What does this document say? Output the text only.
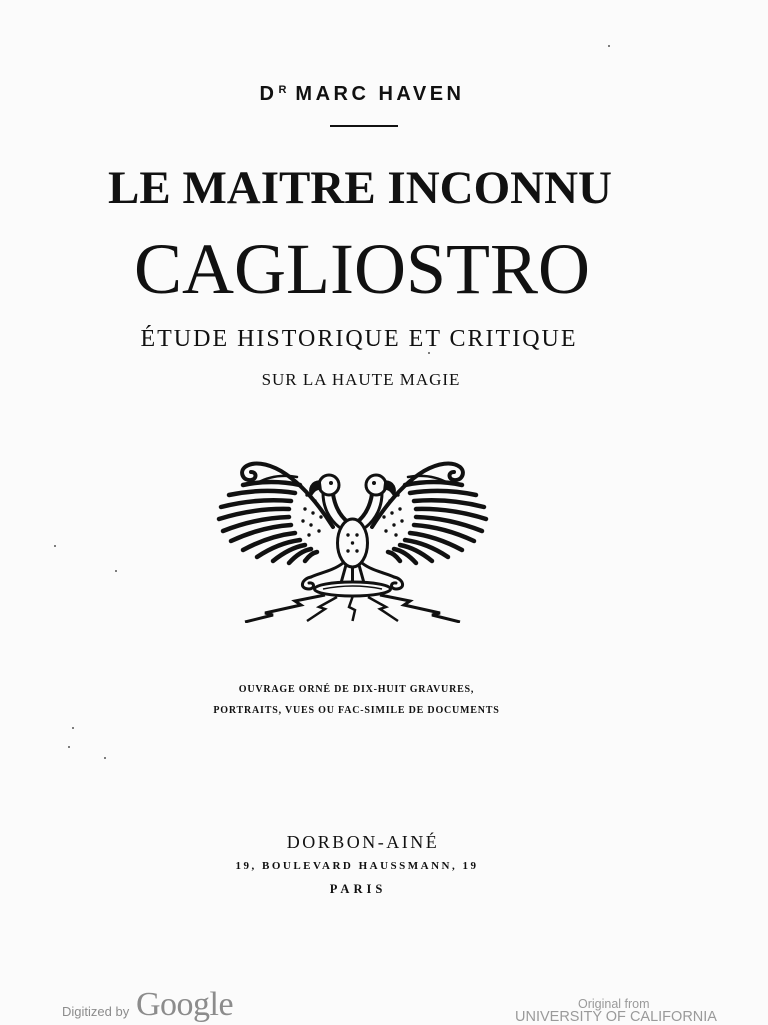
$D^R$ MARC HAVEN
LE MAITRE INCONNU
CAGLIOSTRO
ÉTUDE HISTORIQUE ET CRITIQUE
SUR LA HAUTE MAGIE
OUVRAGE ORNÉ DE DIX-HUIT GRAVURES,
PORTRAITS, VUES OU FAC-SIMILE DE DOCUMENTS
DORBON-AINÉ
19, BOULEVARD HAUSSMANN, 19
PARIS
Digitized by Google	Original from
UNIVERSITY OF CALIFORNIA
